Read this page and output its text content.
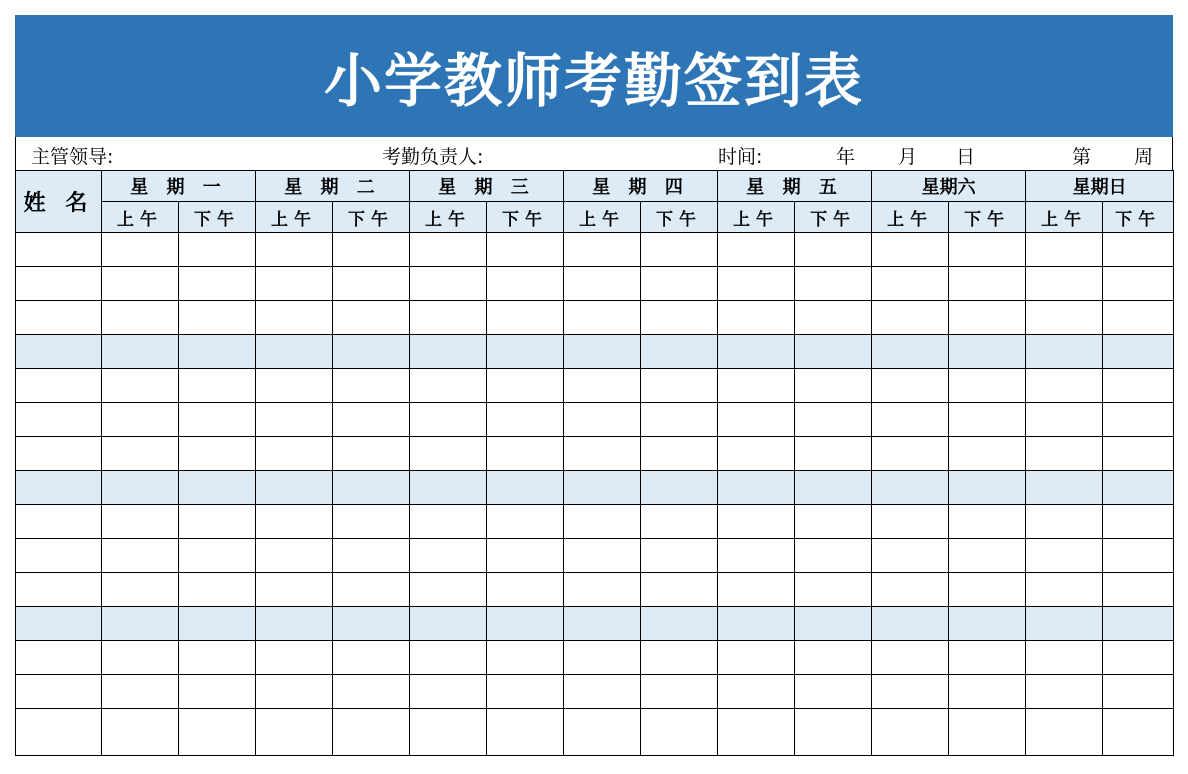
小学教师考勤签到表
主管领导:	考勤负责人:	时间:	年 月 日	第 周
姓 名	星 期 一		星 期 二		星 期 三		星 期 四		星 期 五		星期六		星期日	
	上午	下午	上午	下午	上午	下午	上午	下午	上午	下午	上午	下午	上午	下午
